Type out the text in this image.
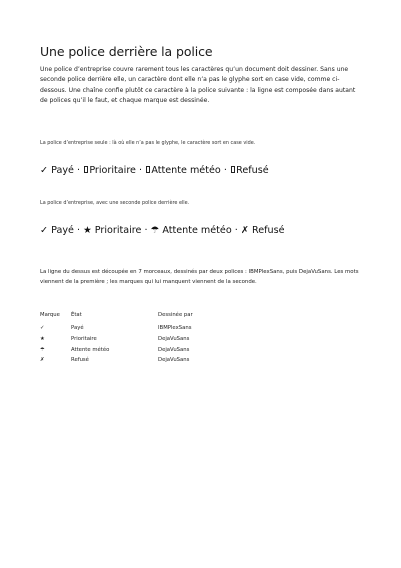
Une police derrière la police

Une police d’entreprise couvre rarement tous les caractères qu’un document doit dessiner. Sans une seconde police derrière elle, un caractère dont elle n’a pas le glyphe sort en case vide, comme ci-dessous. Une chaîne confie plutôt ce caractère à la police suivante : la ligne est composée dans autant de polices qu’il le faut, et chaque marque est dessinée.

La police d’entreprise seule : là où elle n’a pas le glyphe, le caractère sort en case vide.

✓ Payé · Prioritaire · Attente météo · Refusé

La police d’entreprise, avec une seconde police derrière elle.

✓ Payé · ★ Prioritaire · ☂ Attente météo · ✗ Refusé

La ligne du dessus est découpée en 7 morceaux, dessinés par deux polices : IBMPlexSans, puis DejaVuSans. Les mots viennent de la première ; les marques qui lui manquent viennent de la seconde.

Marque	État	Dessinée par
✓	Payé	IBMPlexSans
★	Prioritaire	DejaVuSans
☂	Attente météo	DejaVuSans
✗	Refusé	DejaVuSans
